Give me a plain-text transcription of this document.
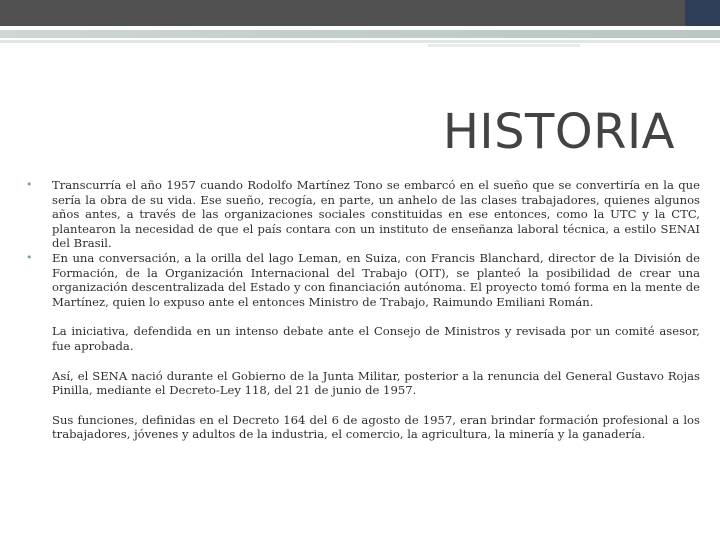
HISTORIA
• Transcurría el año 1957 cuando Rodolfo Martínez Tono se embarcó en el sueño que se convertiría en la que sería la obra de su vida. Ese sueño, recogía, en parte, un anhelo de las clases trabajadores, quienes algunos años antes, a través de las organizaciones sociales constituidas en ese entonces, como la UTC y la CTC, plantearon la necesidad de que el país contara con un instituto de enseñanza laboral técnica, a estilo SENAI del Brasil.
• En una conversación, a la orilla del lago Leman, en Suiza, con Francis Blanchard, director de la División de Formación, de la Organización Internacional del Trabajo (OIT), se planteó la posibilidad de crear una organización descentralizada del Estado y con financiación autónoma. El proyecto tomó forma en la mente de Martínez, quien lo expuso ante el entonces Ministro de Trabajo, Raimundo Emiliani Román.

La iniciativa, defendida en un intenso debate ante el Consejo de Ministros y revisada por un comité asesor, fue aprobada.

Así, el SENA nació durante el Gobierno de la Junta Militar, posterior a la renuncia del General Gustavo Rojas Pinilla, mediante el Decreto-Ley 118, del 21 de junio de 1957.

Sus funciones, definidas en el Decreto 164 del 6 de agosto de 1957, eran brindar formación profesional a los trabajadores, jóvenes y adultos de la industria, el comercio, la agricultura, la minería y la ganadería.
